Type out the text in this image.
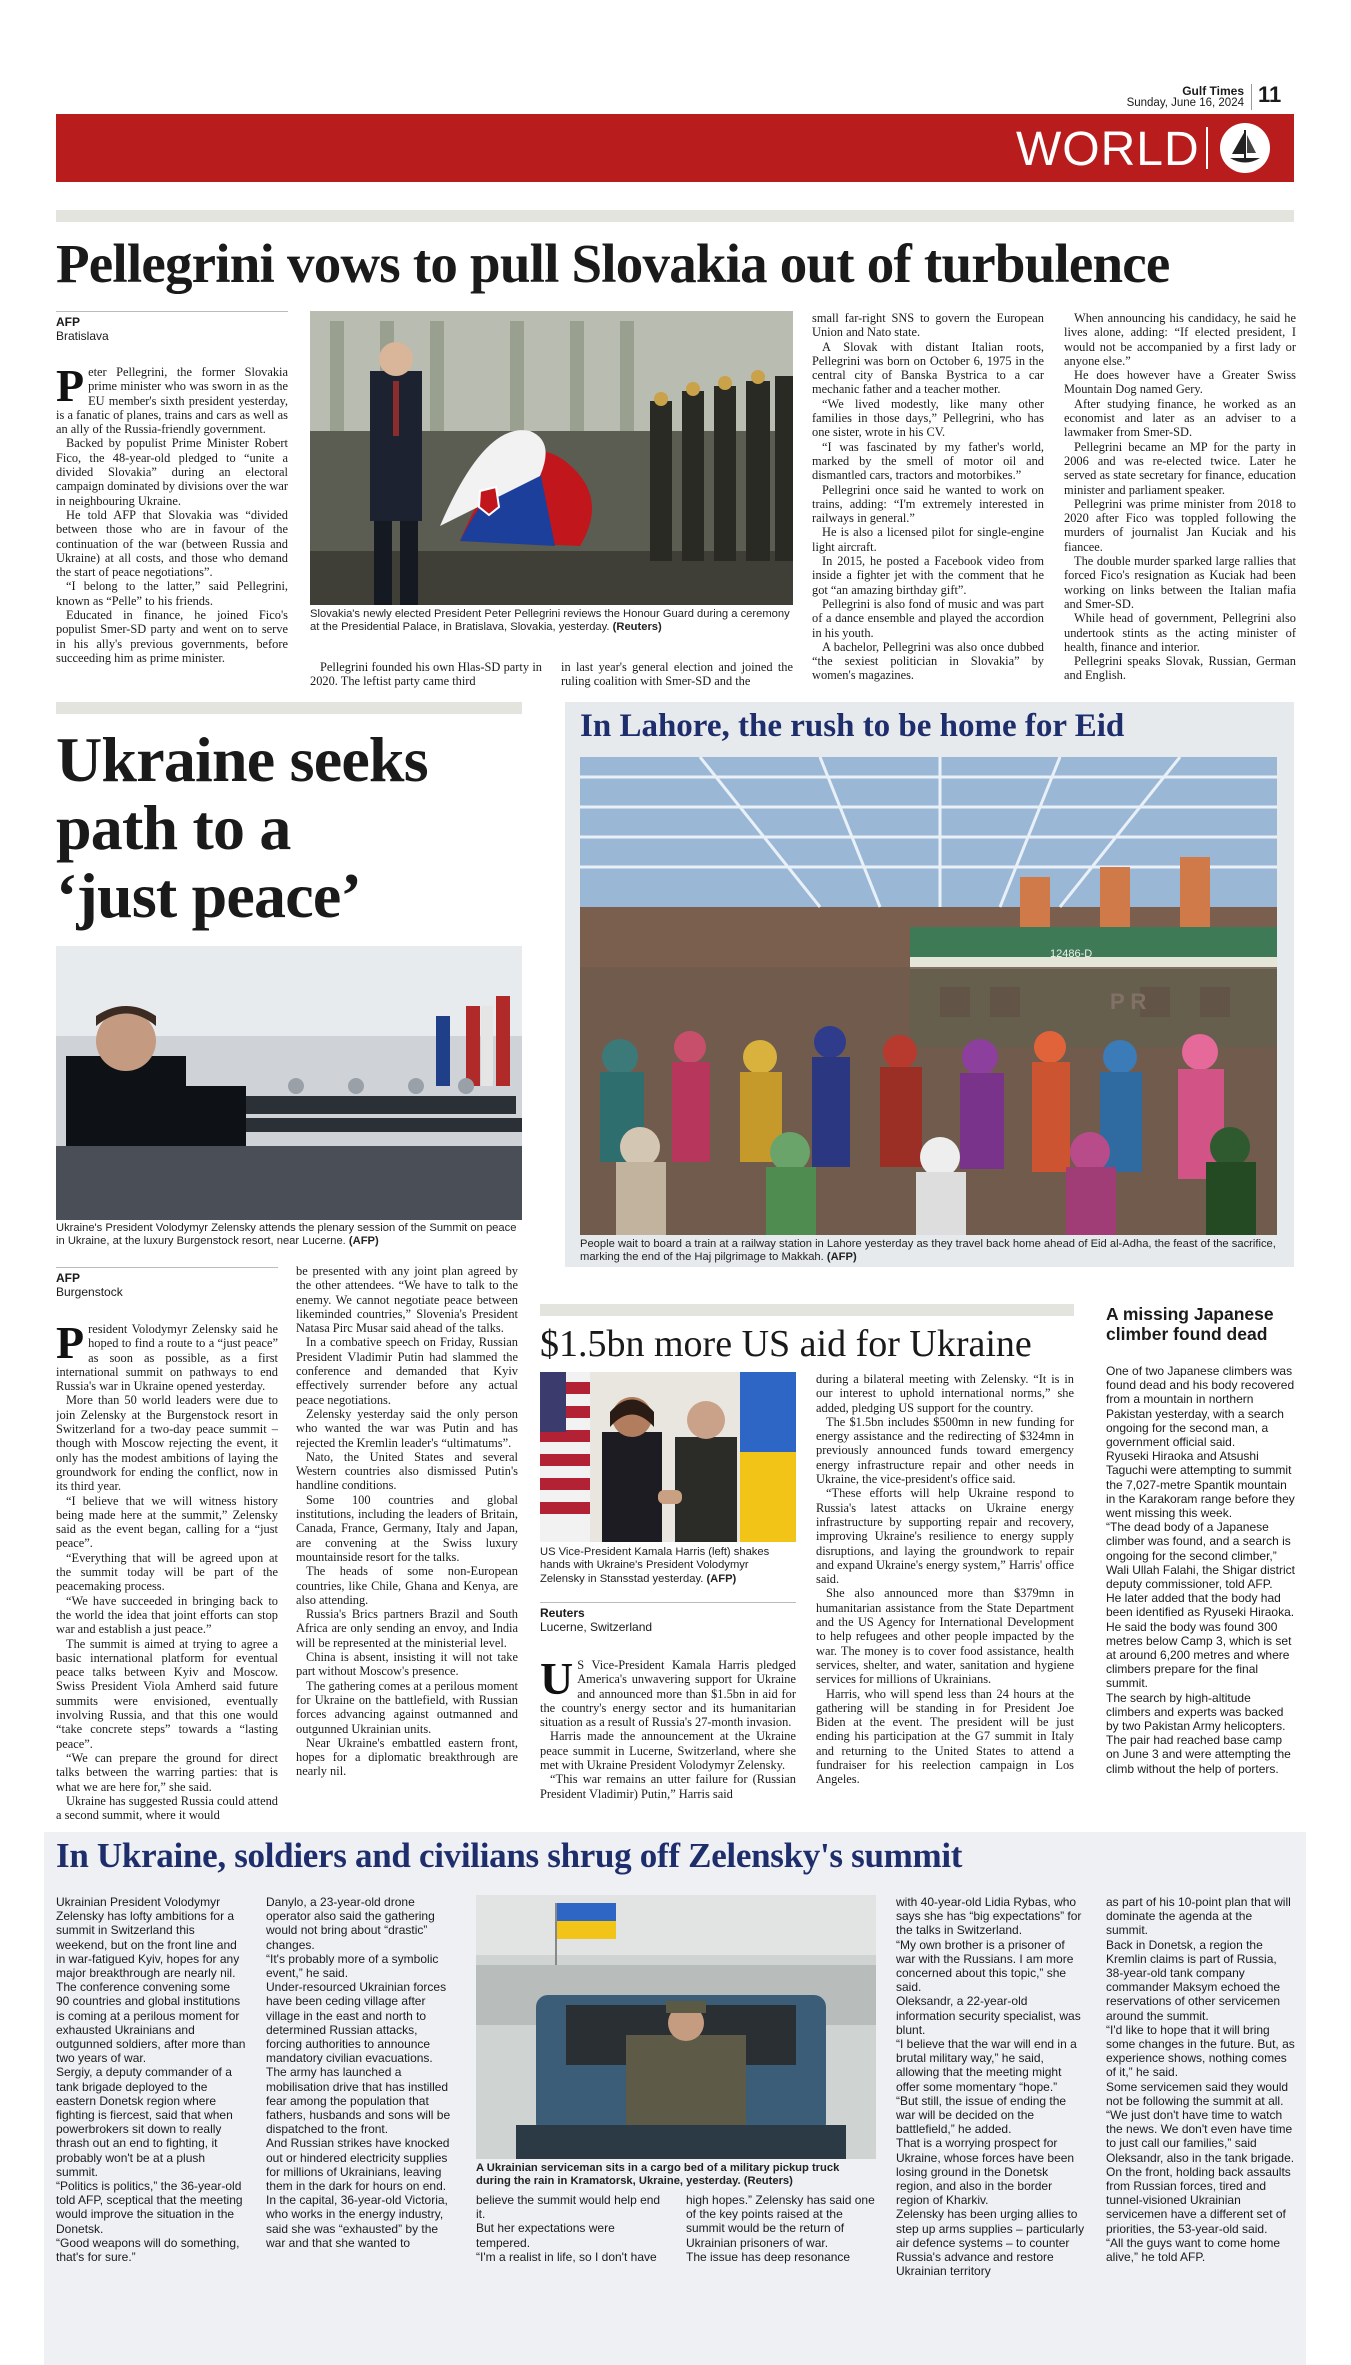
Gulf Times
Sunday, June 16, 2024 11
WORLD
Pellegrini vows to pull Slovakia out of turbulence
AFP
Bratislava
P eter Pellegrini, the former Slovakia prime minister who was sworn in as the EU member's sixth president yesterday, is a fanatic of planes, trains and cars as well as an ally of the Russia-friendly government.

Backed by populist Prime Minister Robert Fico, the 48-year-old pledged to “unite a divided Slovakia” during an electoral campaign dominated by divisions over the war in neighbouring Ukraine.

He told AFP that Slovakia was “divided between those who are in favour of the continuation of the war (between Russia and Ukraine) at all costs, and those who demand the start of peace negotiations”.

“I belong to the latter,” said Pellegrini, known as “Pelle” to his friends.

Educated in finance, he joined Fico's populist Smer-SD party and went on to serve in his ally's previous governments, before succeeding him as prime minister.

Slovakia's newly elected President Peter Pellegrini reviews the Honour Guard during a ceremony at the Presidential Palace, in Bratislava, Slovakia, yesterday. (Reuters)

Pellegrini founded his own Hlas-SD party in 2020. The leftist party came third

in last year's general election and joined the ruling coalition with Smer-SD and the

small far-right SNS to govern the European Union and Nato state.

A Slovak with distant Italian roots, Pellegrini was born on October 6, 1975 in the central city of Banska Bystrica to a car mechanic father and a teacher mother.

“We lived modestly, like many other families in those days,” Pellegrini, who has one sister, wrote in his CV.

“I was fascinated by my father's world, marked by the smell of motor oil and dismantled cars, tractors and motorbikes.”

Pellegrini once said he wanted to work on trains, adding: “I'm extremely interested in railways in general.”

He is also a licensed pilot for single-engine light aircraft.

In 2015, he posted a Facebook video from inside a fighter jet with the comment that he got “an amazing birthday gift”.

Pellegrini is also fond of music and was part of a dance ensemble and played the accordion in his youth.

A bachelor, Pellegrini was also once dubbed “the sexiest politician in Slovakia” by women's magazines.

When announcing his candidacy, he said he lives alone, adding: “If elected president, I would not be accompanied by a first lady or anyone else.”

He does however have a Greater Swiss Mountain Dog named Gery.

After studying finance, he worked as an economist and later as an adviser to a lawmaker from Smer-SD.

Pellegrini became an MP for the party in 2006 and was re-elected twice. Later he served as state secretary for finance, education minister and parliament speaker.

Pellegrini was prime minister from 2018 to 2020 after Fico was toppled following the murders of journalist Jan Kuciak and his fiancee.

The double murder sparked large rallies that forced Fico's resignation as Kuciak had been working on links between the Italian mafia and Smer-SD.

While head of government, Pellegrini also undertook stints as the acting minister of health, finance and interior.

Pellegrini speaks Slovak, Russian, German and English.

Ukraine seeks
path to a
‘just peace’
Ukraine's President Volodymyr Zelensky attends the plenary session of the Summit on peace in Ukraine, at the luxury Burgenstock resort, near Lucerne. (AFP)
AFP
Burgenstock
P resident Volodymyr Zelensky said he hoped to find a route to a “just peace” as soon as possible, as a first international summit on pathways to end Russia's war in Ukraine opened yesterday.

More than 50 world leaders were due to join Zelensky at the Burgenstock resort in Switzerland for a two-day peace summit – though with Moscow rejecting the event, it only has the modest ambitions of laying the groundwork for ending the conflict, now in its third year.

“I believe that we will witness history being made here at the summit,” Zelensky said as the event began, calling for a “just peace”.

“Everything that will be agreed upon at the summit today will be part of the peacemaking process.

“We have succeeded in bringing back to the world the idea that joint efforts can stop war and establish a just peace.”

The summit is aimed at trying to agree a basic international platform for eventual peace talks between Kyiv and Moscow. Swiss President Viola Amherd said future summits were envisioned, eventually involving Russia, and that this one would “take concrete steps” towards a “lasting peace”.

“We can prepare the ground for direct talks between the warring parties: that is what we are here for,” she said.

Ukraine has suggested Russia could attend a second summit, where it would

be presented with any joint plan agreed by the other attendees. “We have to talk to the enemy. We cannot negotiate peace between likeminded countries,” Slovenia's President Natasa Pirc Musar said ahead of the talks.

In a combative speech on Friday, Russian President Vladimir Putin had slammed the conference and demanded that Kyiv effectively surrender before any actual peace negotiations.

Zelensky yesterday said the only person who wanted the war was Putin and has rejected the Kremlin leader's “ultimatums”.

Nato, the United States and several Western countries also dismissed Putin's handline conditions.

Some 100 countries and global institutions, including the leaders of Britain, Canada, France, Germany, Italy and Japan, are convening at the Swiss luxury mountainside resort for the talks.

The heads of some non-European countries, like Chile, Ghana and Kenya, are also attending.

Russia's Brics partners Brazil and South Africa are only sending an envoy, and India will be represented at the ministerial level.

China is absent, insisting it will not take part without Moscow's presence.

The gathering comes at a perilous moment for Ukraine on the battlefield, with Russian forces advancing against outmanned and outgunned Ukrainian units.

Near Ukraine's embattled eastern front, hopes for a diplomatic breakthrough are nearly nil.

In Lahore, the rush to be home for Eid
12486-D
People wait to board a train at a railway station in Lahore yesterday as they travel back home ahead of Eid al-Adha, the feast of the sacrifice, marking the end of the Haj pilgrimage to Makkah. (AFP)
$1.5bn more US aid for Ukraine
US Vice-President Kamala Harris (left) shakes hands with Ukraine's President Volodymyr Zelensky in Stansstad yesterday. (AFP)
Reuters
Lucerne, Switzerland
U S Vice-President Kamala Harris pledged America's unwavering support for Ukraine and announced more than $1.5bn in aid for the country's energy sector and its humanitarian situation as a result of Russia's 27-month invasion.

Harris made the announcement at the Ukraine peace summit in Lucerne, Switzerland, where she met with Ukraine President Volodymyr Zelensky.

“This war remains an utter failure for (Russian President Vladimir) Putin,” Harris said

during a bilateral meeting with Zelensky. “It is in our interest to uphold international norms,” she added, pledging US support for the country.

The $1.5bn includes $500mn in new funding for energy assistance and the redirecting of $324mn in previously announced funds toward emergency energy infrastructure repair and other needs in Ukraine, the vice-president's office said.

“These efforts will help Ukraine respond to Russia's latest attacks on Ukraine energy infrastructure by supporting repair and recovery, improving Ukraine's resilience to energy supply disruptions, and laying the groundwork to repair and expand Ukraine's energy system,” Harris' office said.

She also announced more than $379mn in humanitarian assistance from the State Department and the US Agency for International Development to help refugees and other people impacted by the war. The money is to cover food assistance, health services, shelter, and water, sanitation and hygiene services for millions of Ukrainians.

Harris, who will spend less than 24 hours at the gathering will be standing in for President Joe Biden at the event. The president will be just ending his participation at the G7 summit in Italy and returning to the United States to attend a fundraiser for his reelection campaign in Los Angeles.

A missing Japanese
climber found dead

One of two Japanese climbers was found dead and his body recovered from a mountain in northern Pakistan yesterday, with a search ongoing for the second man, a government official said.

Ryuseki Hiraoka and Atsushi Taguchi were attempting to summit the 7,027-metre Spantik mountain in the Karakoram range before they went missing this week.

“The dead body of a Japanese climber was found, and a search is ongoing for the second climber,” Wali Ullah Falahi, the Shigar district deputy commissioner, told AFP.

He later added that the body had been identified as Ryuseki Hiraoka.

He said the body was found 300 metres below Camp 3, which is set at around 6,200 metres and where climbers prepare for the final summit.

The search by high-altitude climbers and experts was backed by two Pakistan Army helicopters. The pair had reached base camp on June 3 and were attempting the climb without the help of porters.

In Ukraine, soldiers and civilians shrug off Zelensky's summit

Ukrainian President Volodymyr Zelensky has lofty ambitions for a summit in Switzerland this weekend, but on the front line and in war-fatigued Kyiv, hopes for any major breakthrough are nearly nil.

The conference convening some 90 countries and global institutions is coming at a perilous moment for exhausted Ukrainians and outgunned soldiers, after more than two years of war.

Sergiy, a deputy commander of a tank brigade deployed to the eastern Donetsk region where fighting is fiercest, said that when powerbrokers sit down to really thrash out an end to fighting, it probably won't be at a plush summit.

“Politics is politics,” the 36-year-old told AFP, sceptical that the meeting would improve the situation in the Donetsk.

“Good weapons will do something, that's for sure.”

Danylo, a 23-year-old drone operator also said the gathering would not bring about “drastic” changes.

“It's probably more of a symbolic event,” he said.

Under-resourced Ukrainian forces have been ceding village after village in the east and north to determined Russian attacks, forcing authorities to announce mandatory civilian evacuations.

The army has launched a mobilisation drive that has instilled fear among the population that fathers, husbands and sons will be dispatched to the front.

And Russian strikes have knocked out or hindered electricity supplies for millions of Ukrainians, leaving them in the dark for hours on end.

In the capital, 36-year-old Victoria, who works in the energy industry, said she was “exhausted” by the war and that she wanted to

A Ukrainian serviceman sits in a cargo bed of a military pickup truck during the rain in Kramatorsk, Ukraine, yesterday. (Reuters)

believe the summit would help end it.

But her expectations were tempered.

“I'm a realist in life, so I don't have

high hopes.” Zelensky has said one of the key points raised at the summit would be the return of Ukrainian prisoners of war.

The issue has deep resonance

with 40-year-old Lidia Rybas, who says she has “big expectations” for the talks in Switzerland.

“My own brother is a prisoner of war with the Russians. I am more concerned about this topic,” she said.

Oleksandr, a 22-year-old information security specialist, was blunt.

“I believe that the war will end in a brutal military way,” he said, allowing that the meeting might offer some momentary “hope.”

“But still, the issue of ending the war will be decided on the battlefield,” he added.

That is a worrying prospect for Ukraine, whose forces have been losing ground in the Donetsk region, and also in the border region of Kharkiv.

Zelensky has been urging allies to step up arms supplies – particularly air defence systems – to counter Russia's advance and restore Ukrainian territory

as part of his 10-point plan that will dominate the agenda at the summit.

Back in Donetsk, a region the Kremlin claims is part of Russia, 38-year-old tank company commander Maksym echoed the reservations of other servicemen around the summit.

“I'd like to hope that it will bring some changes in the future. But, as experience shows, nothing comes of it,” he said.

Some servicemen said they would not be following the summit at all.

“We just don't have time to watch the news. We don't even have time to just call our families,” said Oleksandr, also in the tank brigade.

On the front, holding back assaults from Russian forces, tired and tunnel-visioned Ukrainian servicemen have a different set of priorities, the 53-year-old said.

“All the guys want to come home alive,” he told AFP.
